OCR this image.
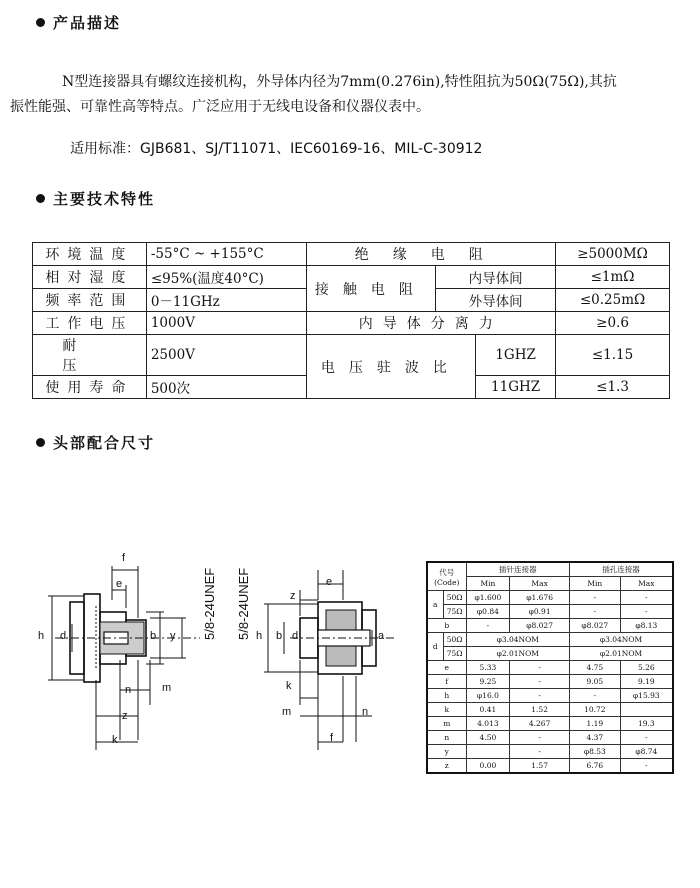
产品描述
N型连接器具有螺纹连接机构，外导体内径为7mm(0.276in),特性阻抗为50Ω(75Ω),其抗
振性能强、可靠性高等特点。广泛应用于无线电设备和仪器仪表中。
适用标准：GJB681、SJ/T11071、IEC60169-16、MIL-C-30912
主要技术特性
环境温度	-55°C ~ +155°C	绝缘电阻			≥5000MΩ
相对湿度	≤95%(温度40°C)	接触电阻	内导体间		≤1mΩ
频率范围	0－11GHz		外导体间		≤0.25mΩ
工作电压	1000V	内导体分离力			≥0.6
耐 压	2500V	电压驻波比		1GHZ	≤1.15
使用寿命	500次			11GHZ	≤1.3
头部配合尺寸
f
e
h d	b y
n	m
z
k
5/8-24UNEF	e
z
h b d	a
k
m	n
f
5/8-24UNEF	代号
(Code)		插针连接器		插孔连接器	
		Min	Max	Min	Max
a	50Ω	φ1.600	φ1.676	-	-
	75Ω	φ0.84	φ0.91	-	-
b		-	φ8.027	φ8.027	φ8.13
d	50Ω	φ3.04NOM		φ3.04NOM	
	75Ω	φ2.01NOM		φ2.01NOM	
e		5.33	-	4.75	5.26
f		9.25	-	9.05	9.19
h		φ16.0	-	-	φ15.93
k		0.41	1.52	10.72	
m		4.013	4.267	1.19	19.3
n		4.50	-	4.37	-
y			-	φ8.53	φ8.74
z		0.00	1.57	6.76	-
